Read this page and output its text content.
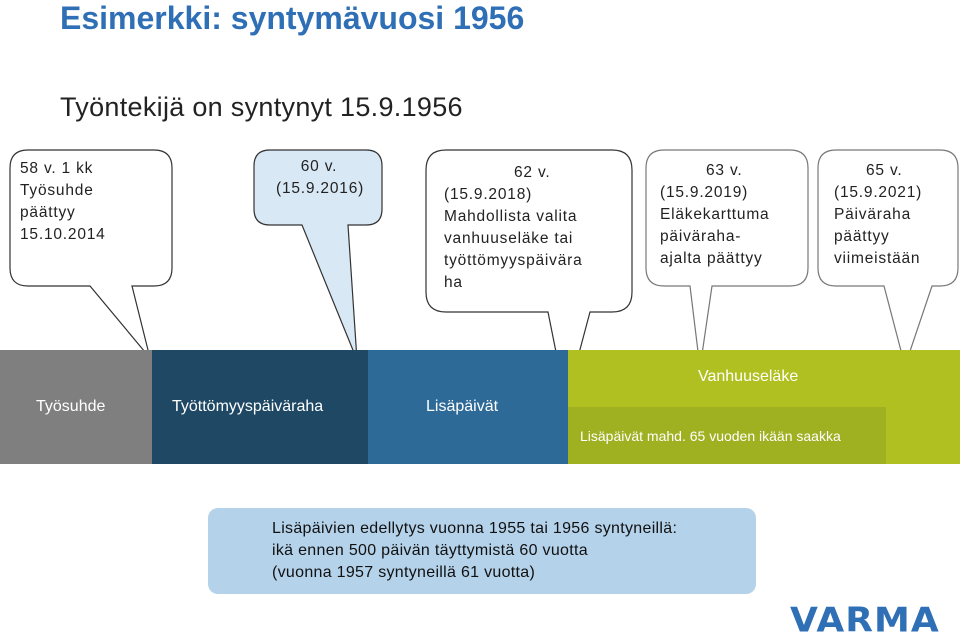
Esimerkki: syntymävuosi 1956
Työntekijä on syntynyt 15.9.1956
58 v. 1 kk
Työsuhde
päättyy
15.10.2014
60 v.
(15.9.2016)
62 v.
(15.9.2018)
Mahdollista valita
vanhuuseläke tai
työttömyyspäivära
ha
63 v.
(15.9.2019)
Eläkekarttuma
päiväraha-
ajalta päättyy
65 v.
(15.9.2021)
Päiväraha
päättyy
viimeistään
Työsuhde	Työttömyyspäiväraha	Lisäpäivät
Vanhuuseläke
Lisäpäivät mahd. 65 vuoden ikään saakka
Lisäpäivien edellytys vuonna 1955 tai 1956 syntyneillä:
ikä ennen 500 päivän täyttymistä 60 vuotta
(vuonna 1957 syntyneillä 61 vuotta)
VARMA
